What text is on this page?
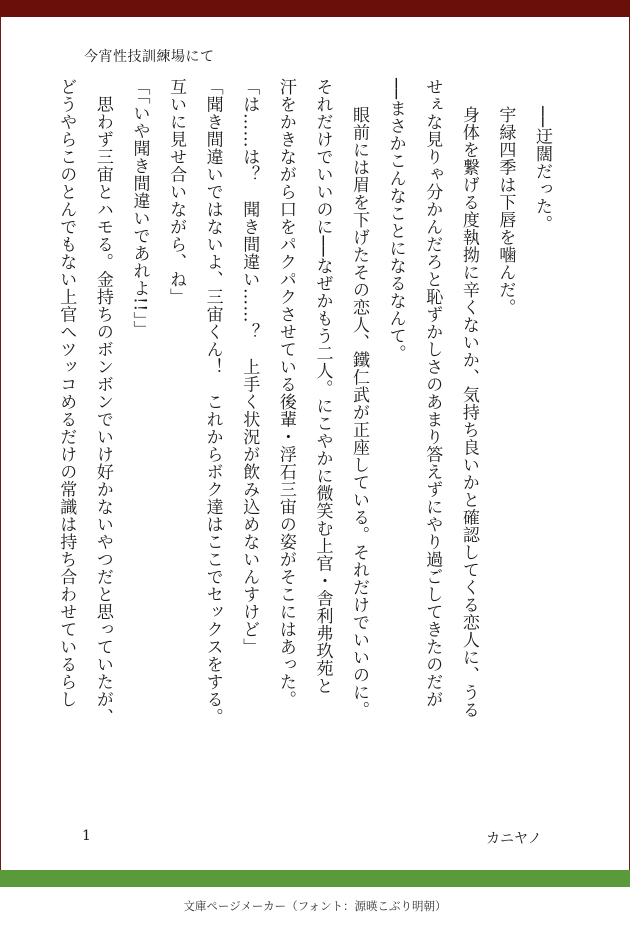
今宵性技訓練場にて
──迂闊だった。
宇緑四季は下唇を噛んだ。
身体を繋げる度執拗に辛くないか、気持ち良いかと確認してくる恋人に、うる
せぇな見りゃ分かんだろと恥ずかしさのあまり答えずにやり過ごしてきたのだが
──まさかこんなことになるなんて。
眼前には眉を下げたその恋人、鐵仁武が正座している。それだけでいいのに。
それだけでいいのに──なぜかもう二人。にこやかに微笑む上官・舎利弗玖苑と
汗をかきながら口をパクパクさせている後輩・浮石三宙の姿がそこにはあった。
「は……は？　聞き間違い……？　上手く状況が飲み込めないんすけど」
「聞き間違いではないよ、三宙くん！　これからボク達はここでセックスをする。
互いに見せ合いながら、ね」
「「いや聞き間違いであれよ!!」」
　思わず三宙とハモる。金持ちのボンボンでいけ好かないやつだと思っていたが、
どうやらこのとんでもない上官へツッコめるだけの常識は持ち合わせているらし
1	カニヤノ
文庫ページメーカー（フォント：源暎こぶり明朝）
